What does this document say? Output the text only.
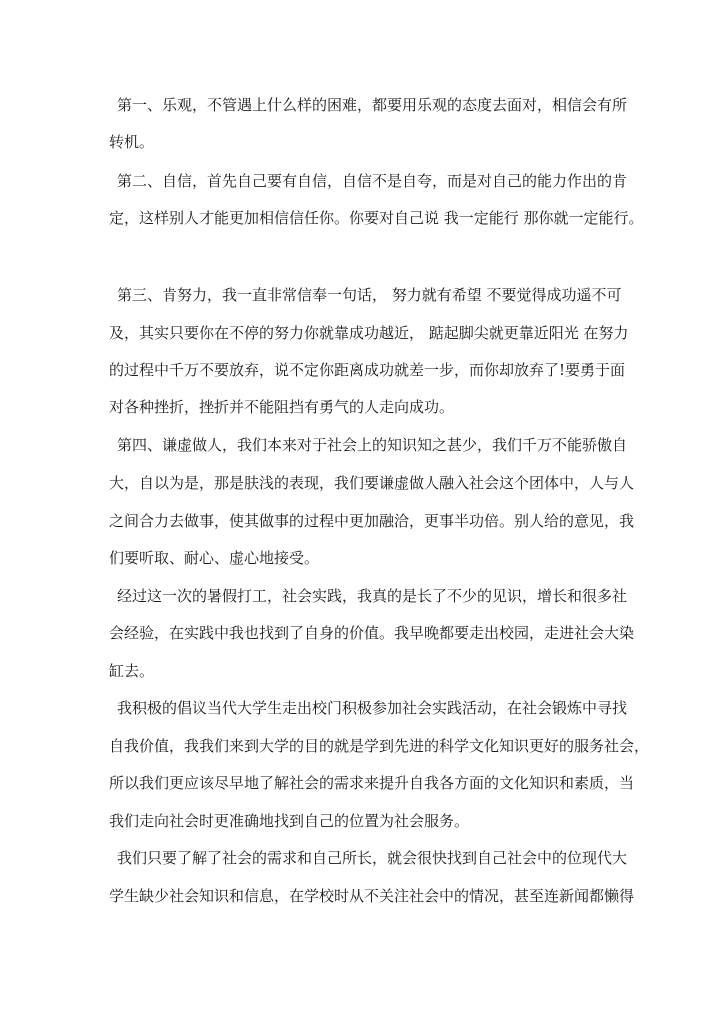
第一、乐观，不管遇上什么样的困难，都要用乐观的态度去面对，相信会有所
转机。
第二、自信，首先自己要有自信，自信不是自夸，而是对自己的能力作出的肯
定，这样别人才能更加相信信任你。你要对自己说 我一定能行 那你就一定能行。
第三、肯努力，我一直非常信奉一句话， 努力就有希望 不要觉得成功遥不可
及，其实只要你在不停的努力你就靠成功越近， 踮起脚尖就更靠近阳光 在努力
的过程中千万不要放弃，说不定你距离成功就差一步，而你却放弃了!要勇于面
对各种挫折，挫折并不能阻挡有勇气的人走向成功。
第四、谦虚做人，我们本来对于社会上的知识知之甚少，我们千万不能骄傲自
大，自以为是，那是肤浅的表现，我们要谦虚做人融入社会这个团体中，人与人
之间合力去做事，使其做事的过程中更加融洽，更事半功倍。别人给的意见，我
们要听取、耐心、虚心地接受。
经过这一次的暑假打工，社会实践，我真的是长了不少的见识，增长和很多社
会经验，在实践中我也找到了自身的价值。我早晚都要走出校园，走进社会大染
缸去。
我积极的倡议当代大学生走出校门积极参加社会实践活动，在社会锻炼中寻找
自我价值，我我们来到大学的目的就是学到先进的科学文化知识更好的服务社会，
所以我们更应该尽早地了解社会的需求来提升自我各方面的文化知识和素质，当
我们走向社会时更准确地找到自己的位置为社会服务。
我们只要了解了社会的需求和自己所长，就会很快找到自己社会中的位现代大
学生缺少社会知识和信息，在学校时从不关注社会中的情况，甚至连新闻都懒得
